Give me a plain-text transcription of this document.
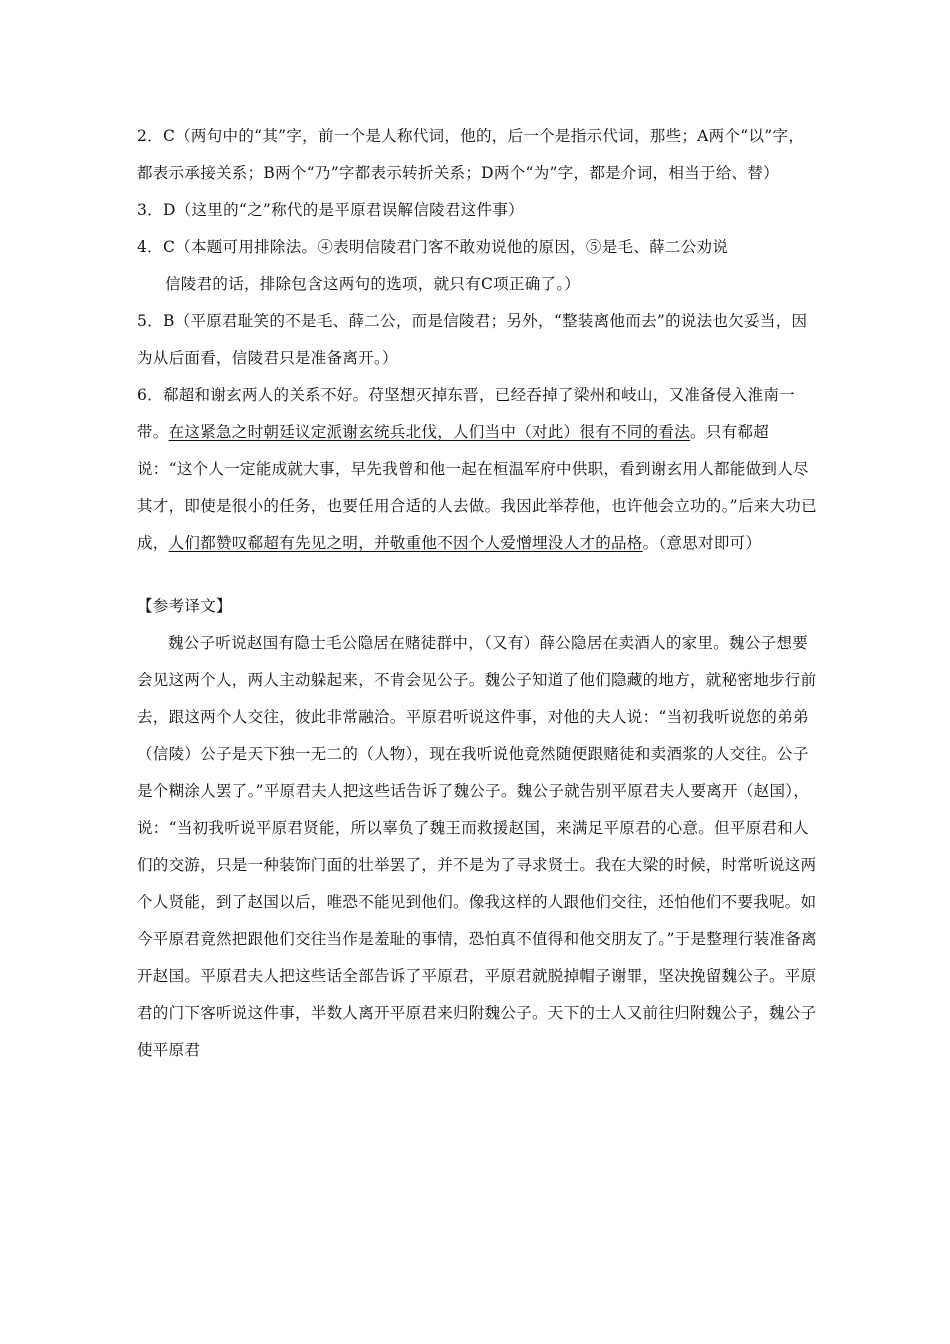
2．C（两句中的“其”字，前一个是人称代词，他的，后一个是指示代词，那些；A两个“以”字，都表示承接关系；B两个“乃”字都表示转折关系；D两个“为”字，都是介词，相当于给、替）

3．D（这里的“之”称代的是平原君误解信陵君这件事）

4．C（本题可用排除法。④表明信陵君门客不敢劝说他的原因，⑤是毛、薛二公劝说

信陵君的话，排除包含这两句的选项，就只有C项正确了。）

5．B（平原君耻笑的不是毛、薛二公，而是信陵君；另外，“整装离他而去”的说法也欠妥当，因为从后面看，信陵君只是准备离开。）

6．郗超和谢玄两人的关系不好。苻坚想灭掉东晋，已经吞掉了梁州和岐山，又准备侵入淮南一带。在这紧急之时朝廷议定派谢玄统兵北伐，人们当中（对此）很有不同的看法。只有郗超说：“这个人一定能成就大事，早先我曾和他一起在桓温军府中供职，看到谢玄用人都能做到人尽其才，即使是很小的任务，也要任用合适的人去做。我因此举荐他，也许他会立功的。”后来大功已成，人们都赞叹郗超有先见之明，并敬重他不因个人爱憎埋没人才的品格。（意思对即可）

【参考译文】

魏公子听说赵国有隐士毛公隐居在赌徒群中，（又有）薛公隐居在卖酒人的家里。魏公子想要会见这两个人，两人主动躲起来，不肯会见公子。魏公子知道了他们隐藏的地方，就秘密地步行前去，跟这两个人交往，彼此非常融洽。平原君听说这件事，对他的夫人说：“当初我听说您的弟弟（信陵）公子是天下独一无二的（人物），现在我听说他竟然随便跟赌徒和卖酒浆的人交往。公子是个糊涂人罢了。”平原君夫人把这些话告诉了魏公子。魏公子就告别平原君夫人要离开（赵国），说：“当初我听说平原君贤能，所以辜负了魏王而救援赵国，来满足平原君的心意。但平原君和人们的交游，只是一种装饰门面的壮举罢了，并不是为了寻求贤士。我在大梁的时候，时常听说这两个人贤能，到了赵国以后，唯恐不能见到他们。像我这样的人跟他们交往，还怕他们不要我呢。如今平原君竟然把跟他们交往当作是羞耻的事情，恐怕真不值得和他交朋友了。”于是整理行装准备离开赵国。平原君夫人把这些话全部告诉了平原君，平原君就脱掉帽子谢罪，坚决挽留魏公子。平原君的门下客听说这件事，半数人离开平原君来归附魏公子。天下的士人又前往归附魏公子，魏公子使平原君
